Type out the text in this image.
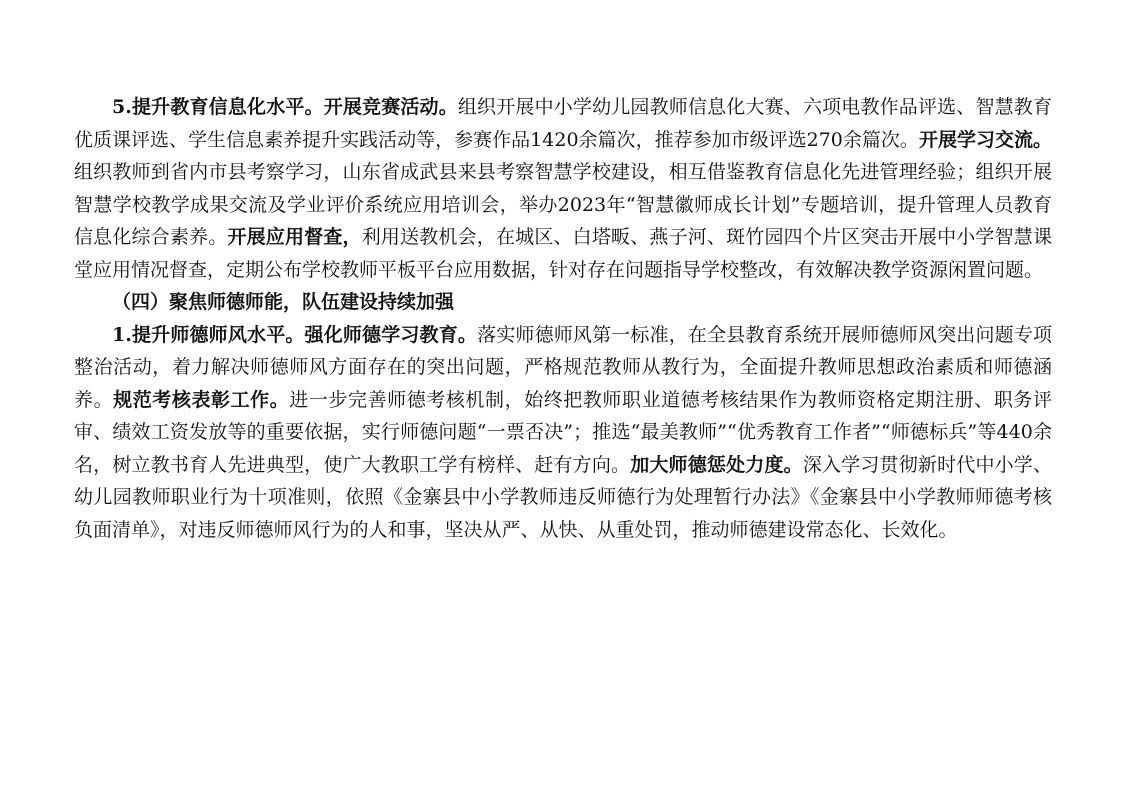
5.提升教育信息化水平。开展竞赛活动。组织开展中小学幼儿园教师信息化大赛、六项电教作品评选、智慧教育优质课评选、学生信息素养提升实践活动等，参赛作品1420余篇次，推荐参加市级评选270余篇次。开展学习交流。组织教师到省内市县考察学习，山东省成武县来县考察智慧学校建设，相互借鉴教育信息化先进管理经验；组织开展智慧学校教学成果交流及学业评价系统应用培训会，举办2023年“智慧徽师成长计划”专题培训，提升管理人员教育信息化综合素养。开展应用督查，利用送教机会，在城区、白塔畈、燕子河、斑竹园四个片区突击开展中小学智慧课堂应用情况督查，定期公布学校教师平板平台应用数据，针对存在问题指导学校整改，有效解决教学资源闲置问题。

（四）聚焦师德师能，队伍建设持续加强

1.提升师德师风水平。强化师德学习教育。落实师德师风第一标准，在全县教育系统开展师德师风突出问题专项整治活动，着力解决师德师风方面存在的突出问题，严格规范教师从教行为，全面提升教师思想政治素质和师德涵养。规范考核表彰工作。进一步完善师德考核机制，始终把教师职业道德考核结果作为教师资格定期注册、职务评审、绩效工资发放等的重要依据，实行师德问题“一票否决”；推选“最美教师”“优秀教育工作者”“师德标兵”等440余名，树立教书育人先进典型，使广大教职工学有榜样、赶有方向。加大师德惩处力度。深入学习贯彻新时代中小学、幼儿园教师职业行为十项准则，依照《金寨县中小学教师违反师德行为处理暂行办法》《金寨县中小学教师师德考核负面清单》，对违反师德师风行为的人和事，坚决从严、从快、从重处罚，推动师德建设常态化、长效化。
